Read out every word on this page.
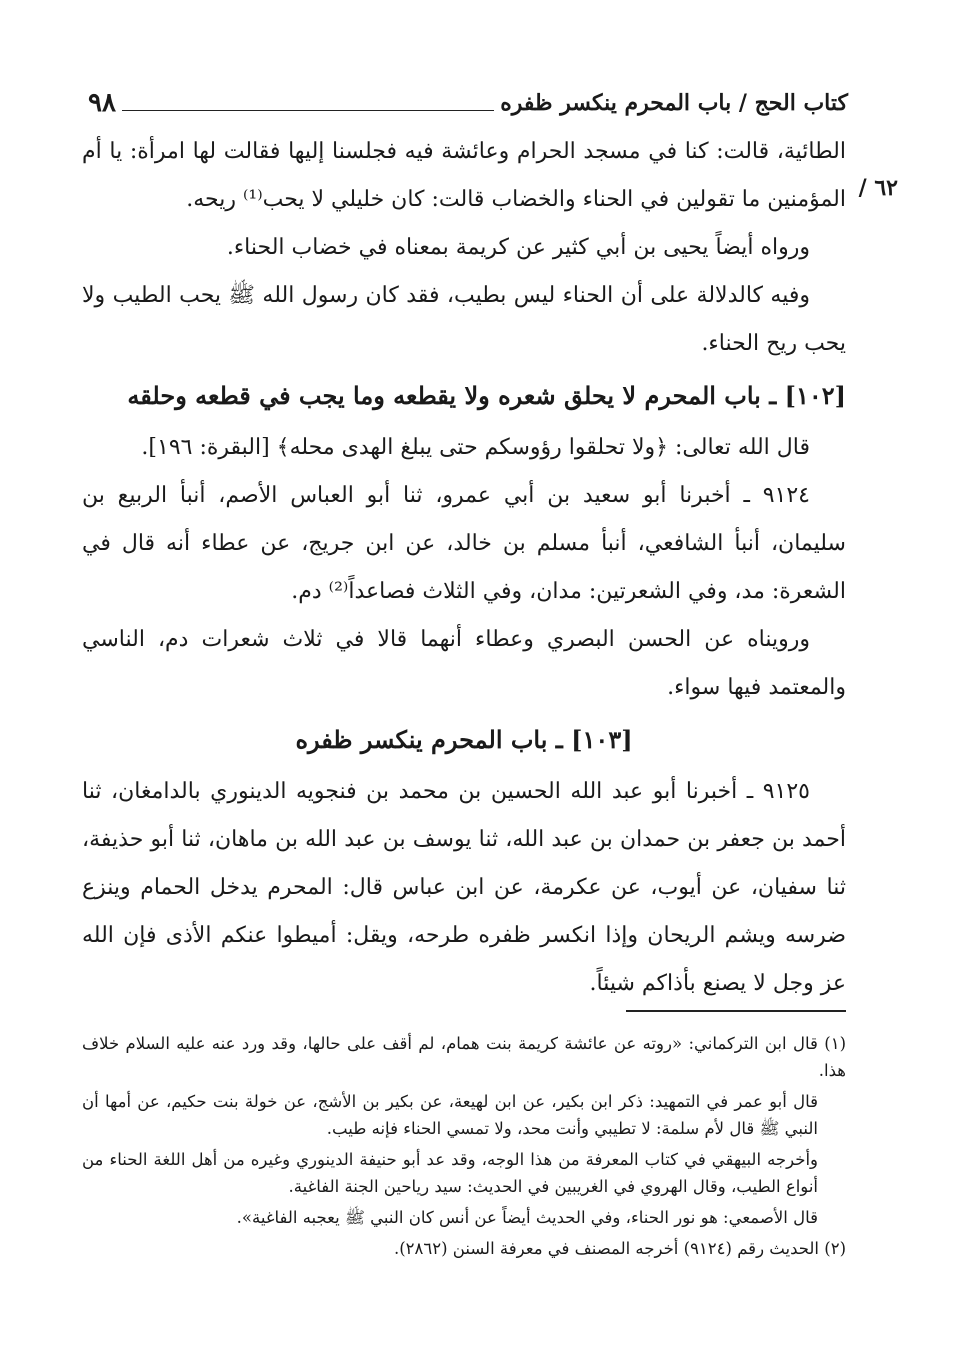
كتاب الحج / باب المحرم ينكسر ظفره
٩٨
٦٢ /

الطائية، قالت: كنا في مسجد الحرام وعائشة فيه فجلسنا إليها فقالت لها امرأة: يا أم المؤمنين ما تقولين في الحناء والخضاب قالت: كان خليلي لا يحب⁽¹⁾ ريحه.

ورواه أيضاً يحيى بن أبي كثير عن كريمة بمعناه في خضاب الحناء.

وفيه كالدلالة على أن الحناء ليس بطيب، فقد كان رسول الله ﷺ يحب الطيب ولا يحب ريح الحناء.

[١٠٢] ـ باب المحرم لا يحلق شعره ولا يقطعه وما يجب في قطعه وحلقه

قال الله تعالى: ﴿ولا تحلقوا رؤوسكم حتى يبلغ الهدى محله﴾ [البقرة: ١٩٦].

٩١٢٤ ـ أخبرنا أبو سعيد بن أبي عمرو، ثنا أبو العباس الأصم، أنبأ الربيع بن سليمان، أنبأ الشافعي، أنبأ مسلم بن خالد، عن ابن جريج، عن عطاء أنه قال في الشعرة: مد، وفي الشعرتين: مدان، وفي الثلاث فصاعداً⁽²⁾ دم.

ورويناه عن الحسن البصري وعطاء أنهما قالا في ثلاث شعرات دم، الناسي والمعتمد فيها سواء.

[١٠٣] ـ باب المحرم ينكسر ظفره

٩١٢٥ ـ أخبرنا أبو عبد الله الحسين بن محمد بن فنجويه الدينوري بالدامغان، ثنا أحمد بن جعفر بن حمدان بن عبد الله، ثنا يوسف بن عبد الله بن ماهان، ثنا أبو حذيفة، ثنا سفيان، عن أيوب، عن عكرمة، عن ابن عباس قال: المحرم يدخل الحمام وينزع ضرسه ويشم الريحان وإذا انكسر ظفره طرحه، ويقل: أميطوا عنكم الأذى فإن الله عز وجل لا يصنع بأذاكم شيئاً.

(١) قال ابن التركماني: «روته عن عائشة كريمة بنت همام، لم أقف على حالها، وقد ورد عنه عليه السلام خلاف هذا.

قال أبو عمر في التمهيد: ذكر ابن بكير، عن ابن لهيعة، عن بكير بن الأشج، عن خولة بنت حكيم، عن أمها أن النبي ﷺ قال لأم سلمة: لا تطيبي وأنت محد، ولا تمسي الحناء فإنه طيب.

وأخرجه البيهقي في كتاب المعرفة من هذا الوجه، وقد عد أبو حنيفة الدينوري وغيره من أهل اللغة الحناء من أنواع الطيب، وقال الهروي في الغريبين في الحديث: سيد رياحين الجنة الفاغية.

قال الأصمعي: هو نور الحناء، وفي الحديث أيضاً عن أنس كان النبي ﷺ يعجبه الفاغية».

(٢) الحديث رقم (٩١٢٤) أخرجه المصنف في معرفة السنن (٢٨٦٢).
